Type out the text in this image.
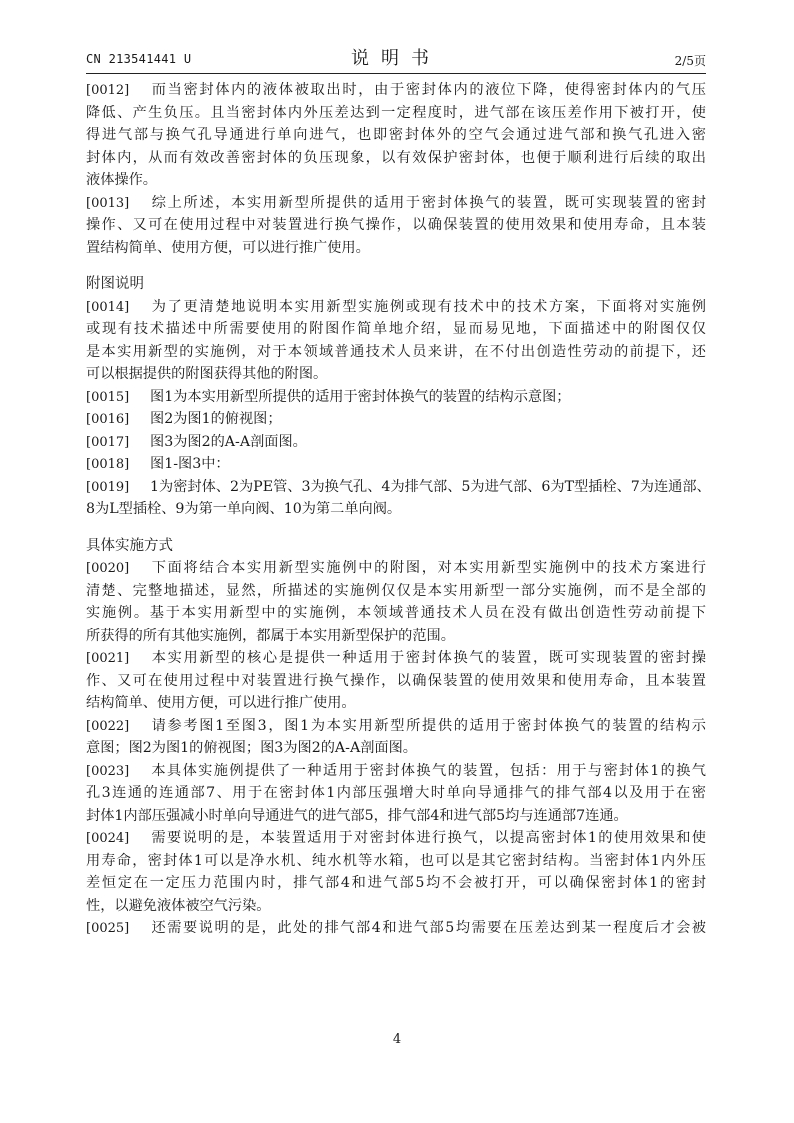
CN 213541441 U	说明书	2/5页
[0012] 而当密封体内的液体被取出时，由于密封体内的液位下降，使得密封体内的气压
降低、产生负压。且当密封体内外压差达到一定程度时，进气部在该压差作用下被打开，使
得进气部与换气孔导通进行单向进气，也即密封体外的空气会通过进气部和换气孔进入密
封体内，从而有效改善密封体的负压现象，以有效保护密封体，也便于顺利进行后续的取出
液体操作。
[0013] 综上所述，本实用新型所提供的适用于密封体换气的装置，既可实现装置的密封
操作、又可在使用过程中对装置进行换气操作，以确保装置的使用效果和使用寿命，且本装
置结构简单、使用方便，可以进行推广使用。
附图说明
[0014] 为了更清楚地说明本实用新型实施例或现有技术中的技术方案，下面将对实施例
或现有技术描述中所需要使用的附图作简单地介绍，显而易见地，下面描述中的附图仅仅
是本实用新型的实施例，对于本领域普通技术人员来讲，在不付出创造性劳动的前提下，还
可以根据提供的附图获得其他的附图。
[0015] 图1为本实用新型所提供的适用于密封体换气的装置的结构示意图；
[0016] 图2为图1的俯视图；
[0017] 图3为图2的A-A剖面图。
[0018] 图1-图3中：
[0019] 1为密封体、2为PE管、3为换气孔、4为排气部、5为进气部、6为T型插栓、7为连通部、
8为L型插栓、9为第一单向阀、10为第二单向阀。
具体实施方式
[0020] 下面将结合本实用新型实施例中的附图，对本实用新型实施例中的技术方案进行
清楚、完整地描述，显然，所描述的实施例仅仅是本实用新型一部分实施例，而不是全部的
实施例。基于本实用新型中的实施例，本领域普通技术人员在没有做出创造性劳动前提下
所获得的所有其他实施例，都属于本实用新型保护的范围。
[0021] 本实用新型的核心是提供一种适用于密封体换气的装置，既可实现装置的密封操
作、又可在使用过程中对装置进行换气操作，以确保装置的使用效果和使用寿命，且本装置
结构简单、使用方便，可以进行推广使用。
[0022] 请参考图1至图3，图1为本实用新型所提供的适用于密封体换气的装置的结构示
意图；图2为图1的俯视图；图3为图2的A-A剖面图。
[0023] 本具体实施例提供了一种适用于密封体换气的装置，包括：用于与密封体1的换气
孔3连通的连通部7、用于在密封体1内部压强增大时单向导通排气的排气部4以及用于在密
封体1内部压强减小时单向导通进气的进气部5，排气部4和进气部5均与连通部7连通。
[0024] 需要说明的是，本装置适用于对密封体进行换气，以提高密封体1的使用效果和使
用寿命，密封体1可以是净水机、纯水机等水箱，也可以是其它密封结构。当密封体1内外压
差恒定在一定压力范围内时，排气部4和进气部5均不会被打开，可以确保密封体1的密封
性，以避免液体被空气污染。
[0025] 还需要说明的是，此处的排气部4和进气部5均需要在压差达到某一程度后才会被
4
